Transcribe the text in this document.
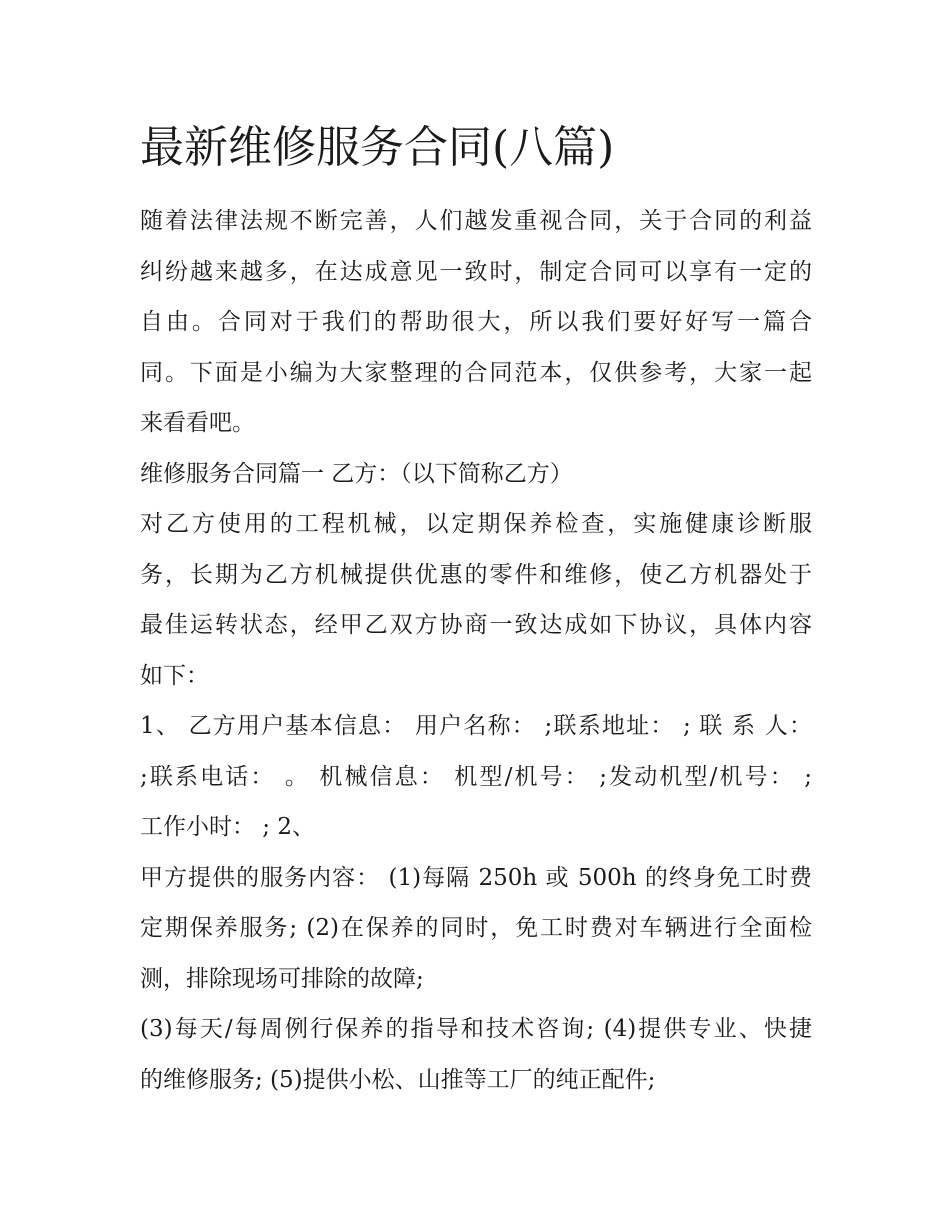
最新维修服务合同(八篇)

随着法律法规不断完善，人们越发重视合同，关于合同的利益
纠纷越来越多，在达成意见一致时，制定合同可以享有一定的
自由。合同对于我们的帮助很大，所以我们要好好写一篇合
同。下面是小编为大家整理的合同范本，仅供参考，大家一起
来看看吧。

维修服务合同篇一 乙方：（以下简称乙方）

对乙方使用的工程机械，以定期保养检查，实施健康诊断服
务，长期为乙方机械提供优惠的零件和维修，使乙方机器处于
最佳运转状态，经甲乙双方协商一致达成如下协议，具体内容
如下：

1、 乙方用户基本信息： 用户名称： ;联系地址： ; 联 系 人：
;联系电话： 。 机械信息： 机型/机号： ;发动机型/机号： ;
工作小时： ; 2、

甲方提供的服务内容： (1)每隔 250h 或 500h 的终身免工时费
定期保养服务; (2)在保养的同时，免工时费对车辆进行全面检
测，排除现场可排除的故障;

(3)每天/每周例行保养的指导和技术咨询; (4)提供专业、快捷
的维修服务; (5)提供小松、山推等工厂的纯正配件;
